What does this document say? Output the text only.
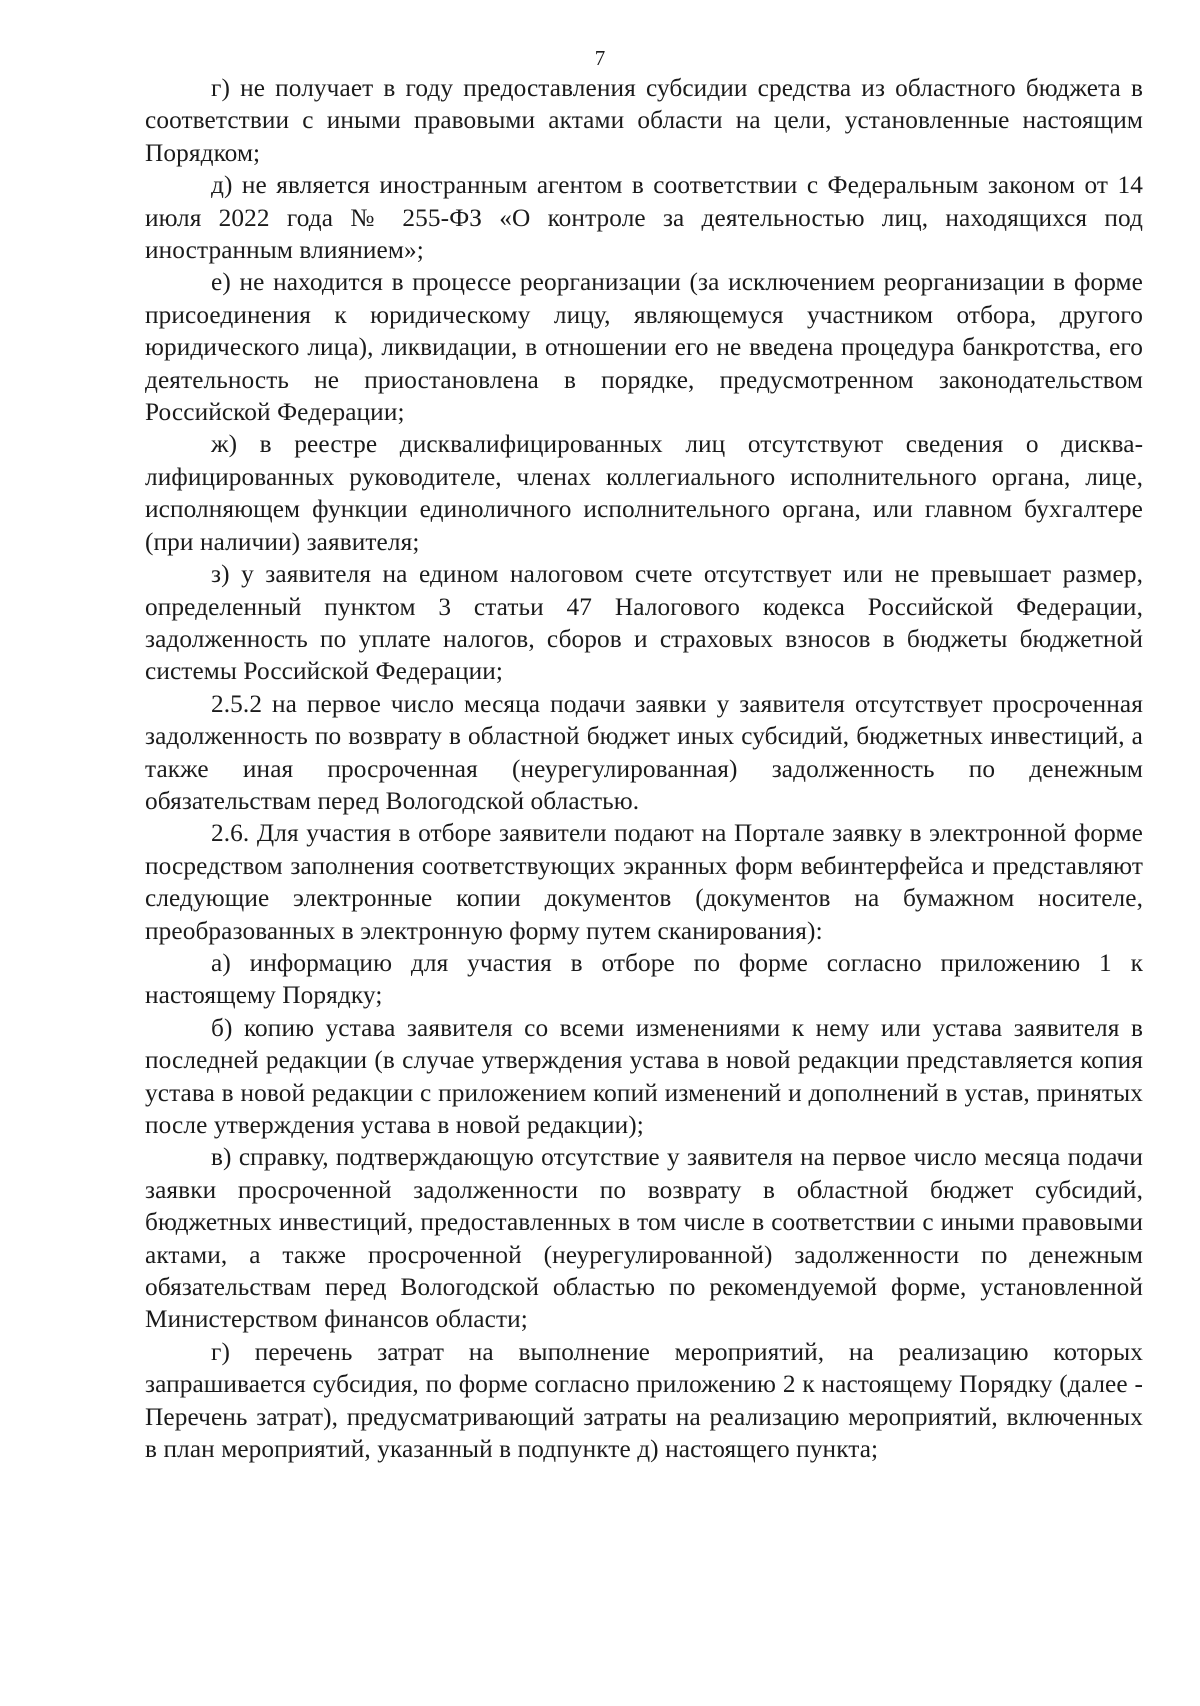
7

г) не получает в году предоставления субсидии средства из областного бюджета в соответствии с иными правовыми актами области на цели, установленные настоящим Порядком;

д) не является иностранным агентом в соответствии с Федеральным законом от 14 июля 2022 года № 255-ФЗ «О контроле за деятельностью лиц, находящихся под иностранным влиянием»;

е) не находится в процессе реорганизации (за исключением реорганизации в форме присоединения к юридическому лицу, являющемуся участником отбора, другого юридического лица), ликвидации, в отношении его не введена процедура банкротства, его деятельность не приостановлена в порядке, предусмотренном законодательством Российской Федерации;

ж) в реестре дисквалифицированных лиц отсутствуют сведения о дисквалифицированных руководителе, членах коллегиального исполнительного органа, лице, исполняющем функции единоличного исполнительного органа, или главном бухгалтере (при наличии) заявителя;

з) у заявителя на едином налоговом счете отсутствует или не превышает размер, определенный пунктом 3 статьи 47 Налогового кодекса Российской Федерации, задолженность по уплате налогов, сборов и страховых взносов в бюджеты бюджетной системы Российской Федерации;

2.5.2 на первое число месяца подачи заявки у заявителя отсутствует просроченная задолженность по возврату в областной бюджет иных субсидий, бюджетных инвестиций, а также иная просроченная (неурегулированная) задолженность по денежным обязательствам перед Вологодской областью.

2.6. Для участия в отборе заявители подают на Портале заявку в электронной форме посредством заполнения соответствующих экранных форм вебинтерфейса и представляют следующие электронные копии документов (документов на бумажном носителе, преобразованных в электронную форму путем сканирования):

а) информацию для участия в отборе по форме согласно приложению 1 к настоящему Порядку;

б) копию устава заявителя со всеми изменениями к нему или устава заявителя в последней редакции (в случае утверждения устава в новой редакции представляется копия устава в новой редакции с приложением копий изменений и дополнений в устав, принятых после утверждения устава в новой редакции);

в) справку, подтверждающую отсутствие у заявителя на первое число месяца подачи заявки просроченной задолженности по возврату в областной бюджет субсидий, бюджетных инвестиций, предоставленных в том числе в соответствии с иными правовыми актами, а также просроченной (неурегулированной) задолженности по денежным обязательствам перед Вологодской областью по рекомендуемой форме, установленной Министерством финансов области;

г) перечень затрат на выполнение мероприятий, на реализацию которых запрашивается субсидия, по форме согласно приложению 2 к настоящему Порядку (далее - Перечень затрат), предусматривающий затраты на реализацию мероприятий, включенных в план мероприятий, указанный в подпункте д) настоящего пункта;
